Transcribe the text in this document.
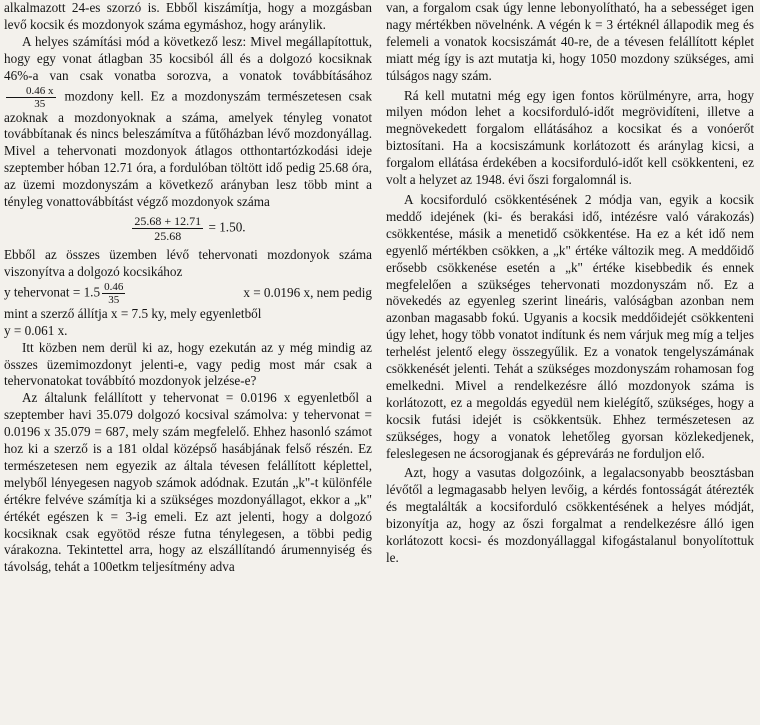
alkalmazott 24-es szorzó is. Ebből kiszámítja, hogy a mozgásban levő kocsik és mozdonyok száma egymáshoz, hogy aránylik.

A helyes számítási mód a következő lesz: Mivel megállapítottuk, hogy egy vonat átlagban 35 kocsiból áll és a dolgozó kocsiknak 46%-a van csak vonatba sorozva, a vonatok továbbításához
$\frac{0.46 x}{35}$ mozdony kell. Ez a mozdonyszám természetesen csak azoknak a mozdonyoknak a száma, amelyek tényleg vonatot továbbítanak és nincs beleszámítva a fűtőházban lévő mozdonyállag. Mivel a tehervonati mozdonyok átlagos otthontartózkodási ideje szeptember hóban 12.71 óra, a fordulóban töltött idő pedig 25.68 óra, az üzemi mozdonyszám a következő arányban lesz több mint a tényleg vonattovábbítást végző mozdonyok száma

$\frac{25.68 + 12.71}{25.68} = 1.50$.

Ebből az összes üzemben lévő tehervonati mozdonyok száma viszonyítva a dolgozó kocsikához

y tehervonat = $1.5 \frac{0.46}{35}$	x = 0.0196 x, nem pedig

mint a szerző állítja x = 7.5 ky, mely egyenletből

y = 0.061 x.

Itt közben nem derül ki az, hogy ezekután az y még mindig az összes üzemimozdonyt jelenti-e, vagy pedig most már csak a tehervonatokat továbbító mozdonyok jelzése-e?

Az általunk felállított y tehervonat = 0.0196 x egyenletből a szeptember havi 35.079 dolgozó kocsival számolva: y tehervonat = 0.0196 x 35.079 = 687, mely szám megfelelő. Ehhez hasonló számot hoz ki a szerző is a 181 oldal középső hasábjának felső részén. Ez természetesen nem egyezik az általa tévesen felállított képlettel, melyből lényegesen nagyob számok adódnak. Ezután „k"-t különféle értékre felvéve számítja ki a szükséges mozdonyállagot, ekkor a „k" értékét egészen k = 3-ig emeli. Ez azt jelenti, hogy a dolgozó kocsiknak csak egyötöd része futna ténylegesen, a többi pedig várakozna. Tekintettel arra, hogy az elszállítandó árumennyiség és távolság, tehát a 100etkm teljesítmény adva

van, a forgalom csak úgy lenne lebonyolítható, ha a sebességet igen nagy mértékben növelnénk. A végén k = 3 értéknél állapodik meg és felemeli a vonatok kocsiszámát 40-re, de a tévesen felállított képlet miatt még így is azt mutatja ki, hogy 1050 mozdony szükséges, ami túlságos nagy szám.

Rá kell mutatni még egy igen fontos körülményre, arra, hogy milyen módon lehet a kocsiforduló-időt megrövidíteni, illetve a megnövekedett forgalom ellátásához a kocsikat és a vonóerőt biztosítani. Ha a kocsiszámunk korlátozott és aránylag kicsi, a forgalom ellátása érdekében a kocsiforduló-időt kell csökkenteni, ez volt a helyzet az 1948. évi őszi forgalomnál is.

A kocsiforduló csökkentésének 2 módja van, egyik a kocsik meddő idejének (ki- és berakási idő, intézésre való várakozás) csökkentése, másik a menetidő csökkentése. Ha ez a két idő nem egyenlő mértékben csökken, a „k" értéke változik meg. A meddőidő erősebb csökkenése esetén a „k" értéke kisebbedik és ennek megfelelően a szükséges tehervonati mozdonyszám nő. Ez a növekedés az egyenleg szerint lineáris, valóságban azonban nem azonban magasabb fokú. Ugyanis a kocsik meddőidejét csökkenteni úgy lehet, hogy több vonatot indítunk és nem várjuk meg míg a teljes terhelést jelentő elegy összegyűlik. Ez a vonatok tengelyszámának csökkenését jelenti. Tehát a szükséges mozdonyszám rohamosan fog emelkedni. Mivel a rendelkezésre álló mozdonyok száma is korlátozott, ez a megoldás egyedül nem kielégítő, szükséges, hogy a kocsik futási idejét is csökkentsük. Ehhez természetesen az szükséges, hogy a vonatok lehetőleg gyorsan közlekedjenek, feleslegesen ne ácsorogjanak és gépreváráз ne forduljon elő.

Azt, hogy a vasutas dolgozóink, a legalacsonyabb beosztásban lévőtől a legmagasabb helyen levőig, a kérdés fontosságát átérezték és megtalálták a kocsiforduló csökkentésének a helyes módját, bizonyítja az, hogy az őszi forgalmat a rendelkezésre álló igen korlátozott kocsi- és mozdonyállaggal kifogástalanul bonyolítottuk le.
